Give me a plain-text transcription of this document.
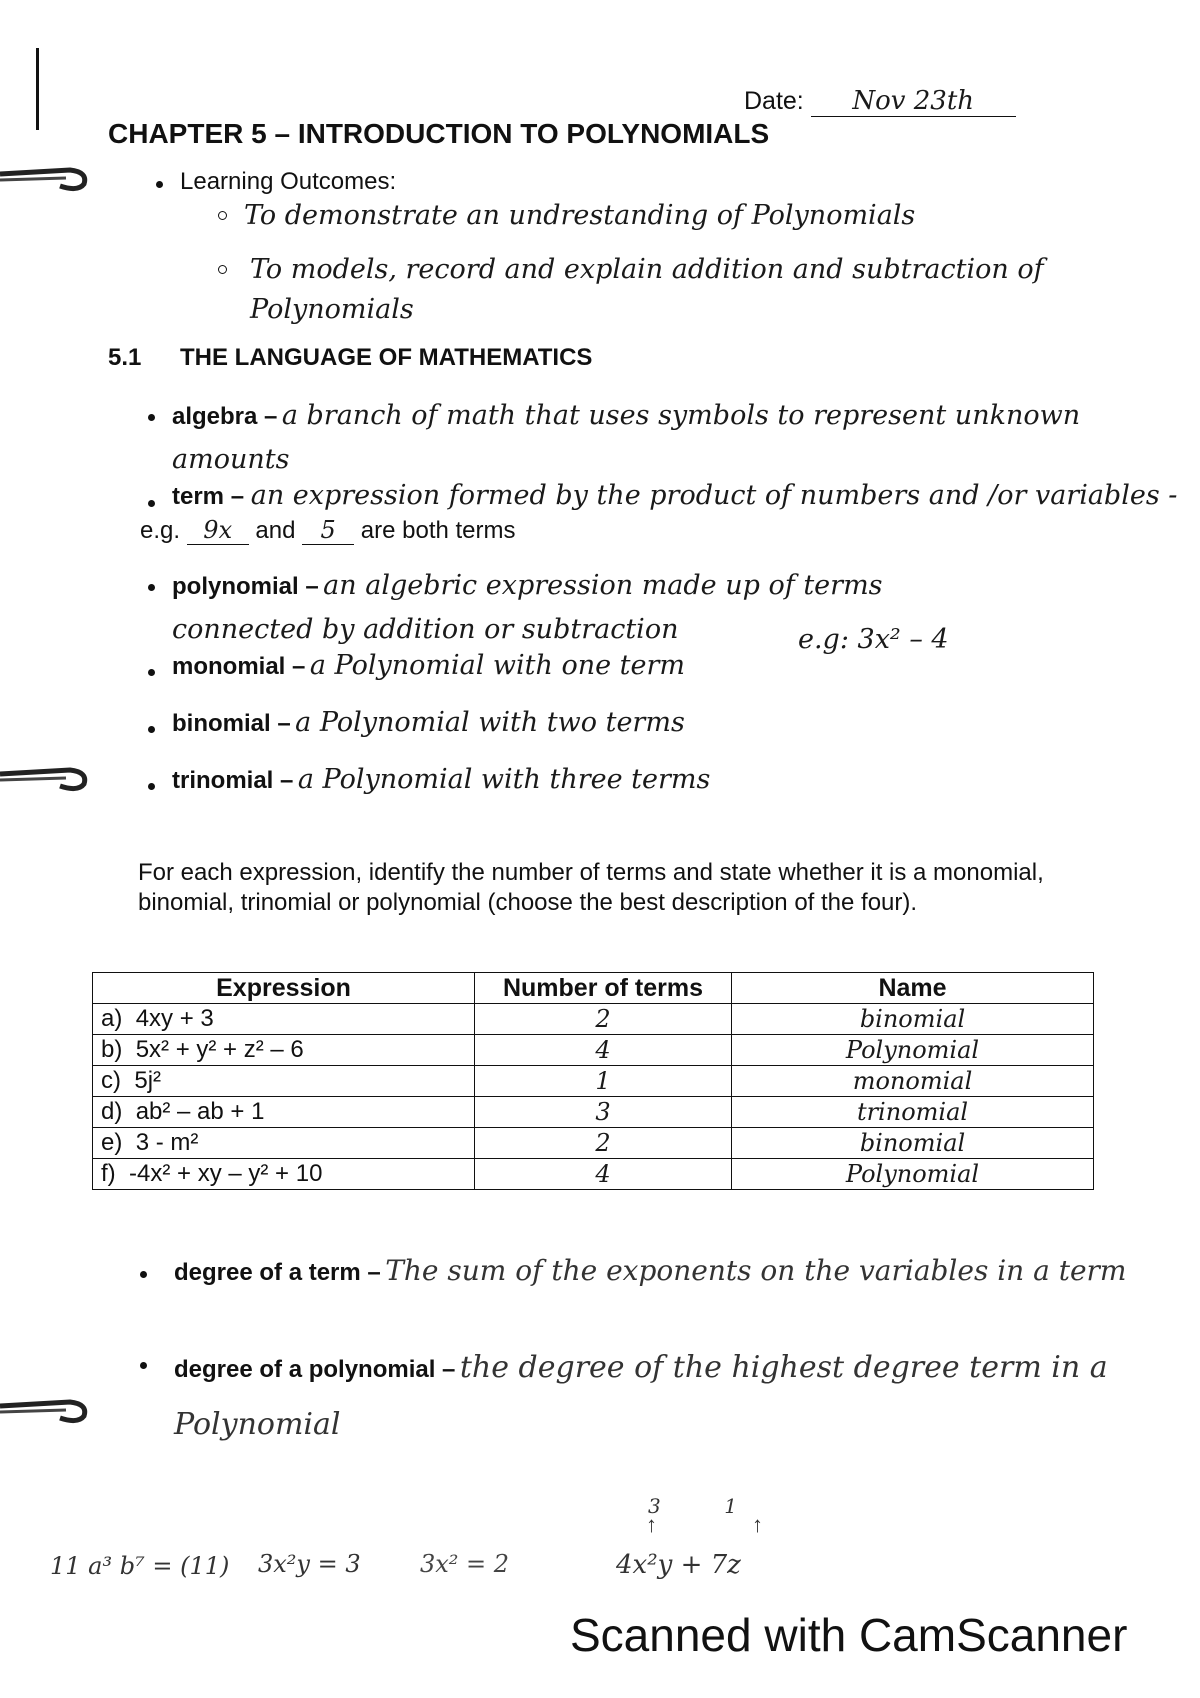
Date: Nov 23th
CHAPTER 5 – INTRODUCTION TO POLYNOMIALS
Learning Outcomes:
To demonstrate an undrestanding of Polynomials
To models, record and explain addition and subtraction of Polynomials
5.1 THE LANGUAGE OF MATHEMATICS
algebra – a branch of math that uses symbols to represent unknown amounts
term – an expression formed by the product of numbers and /or variables -
e.g. 9x and 5 are both terms
polynomial – an algebric expression made up of terms connected by addition or subtraction	e.g: 3x² – 4
monomial – a Polynomial with one term
binomial – a Polynomial with two terms
trinomial – a Polynomial with three terms
For each expression, identify the number of terms and state whether it is a monomial, binomial, trinomial or polynomial (choose the best description of the four).
Expression	Number of terms	Name
a) 4xy + 3	2	binomial
b) 5x² + y² + z² – 6	4	Polynomial
c) 5j²	1	monomial
d) ab² – ab + 1	3	trinomial
e) 3 - m²	2	binomial
f) -4x² + xy – y² + 10	4	Polynomial
degree of a term – The sum of the exponents on the variables in a term
degree of a polynomial – the degree of the highest degree term in a Polynomial
11 a³ b⁷ = (11) 3x²y = 3 3x² = 2
3          1
↑	↑
4x²y + 7z
Scanned with CamScanner
